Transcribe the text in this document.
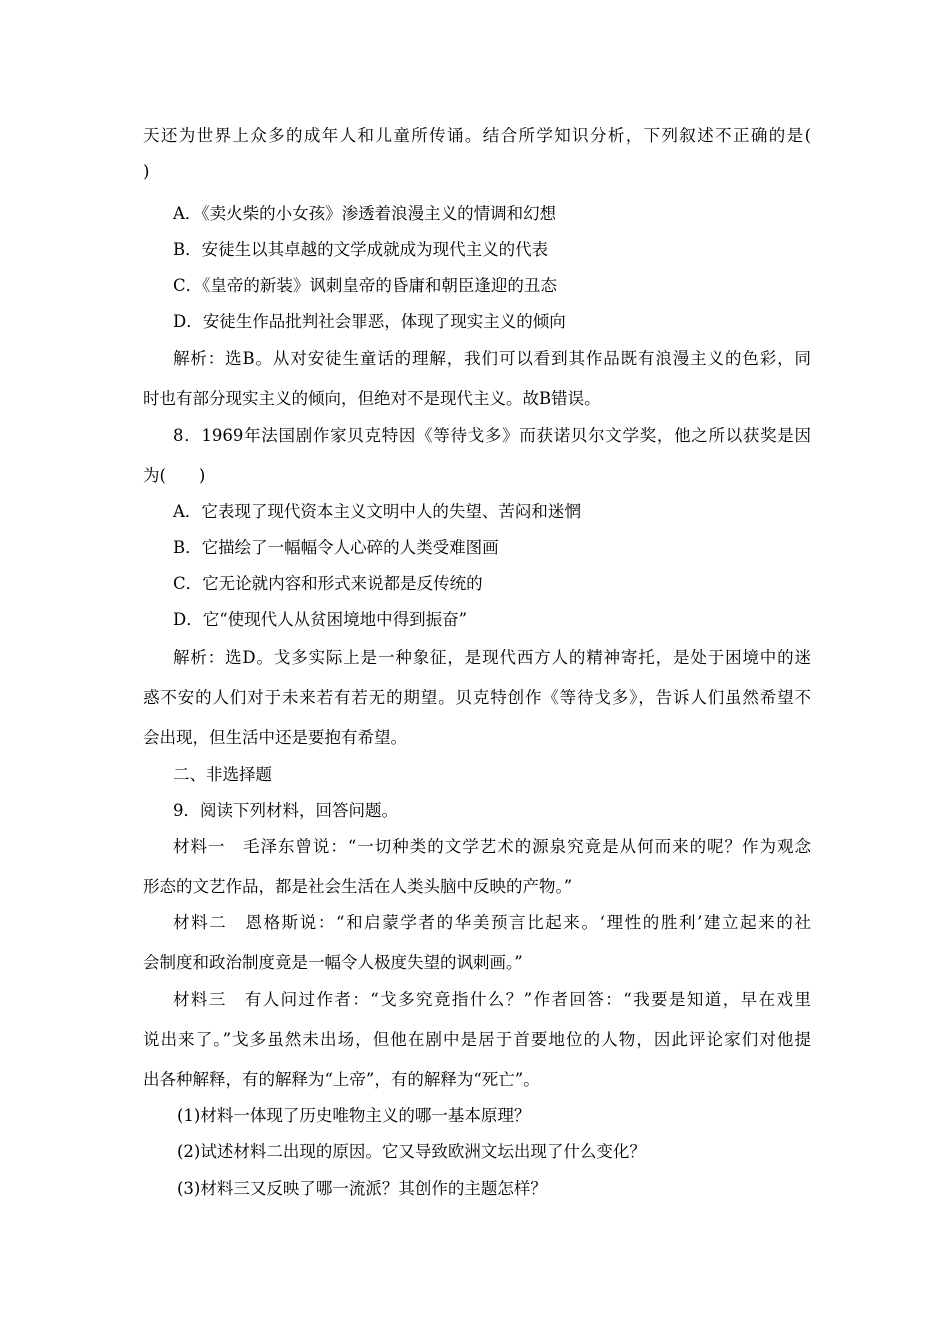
天还为世界上众多的成年人和儿童所传诵。结合所学知识分析，下列叙述不正确的是(
)
A．《卖火柴的小女孩》渗透着浪漫主义的情调和幻想
B．安徒生以其卓越的文学成就成为现代主义的代表
C．《皇帝的新装》讽刺皇帝的昏庸和朝臣逢迎的丑态
D．安徒生作品批判社会罪恶，体现了现实主义的倾向
解析：选B。从对安徒生童话的理解，我们可以看到其作品既有浪漫主义的色彩，同
时也有部分现实主义的倾向，但绝对不是现代主义。故B错误。
8．1969年法国剧作家贝克特因《等待戈多》而获诺贝尔文学奖，他之所以获奖是因
为(　　)
A．它表现了现代资本主义文明中人的失望、苦闷和迷惘
B．它描绘了一幅幅令人心碎的人类受难图画
C．它无论就内容和形式来说都是反传统的
D．它“使现代人从贫困境地中得到振奋”
解析：选D。戈多实际上是一种象征，是现代西方人的精神寄托，是处于困境中的迷
惑不安的人们对于未来若有若无的期望。贝克特创作《等待戈多》，告诉人们虽然希望不
会出现，但生活中还是要抱有希望。
二、非选择题
9．阅读下列材料，回答问题。
材料一　毛泽东曾说：“一切种类的文学艺术的源泉究竟是从何而来的呢？作为观念
形态的文艺作品，都是社会生活在人类头脑中反映的产物。”
材料二　恩格斯说：“和启蒙学者的华美预言比起来。‘理性的胜利’建立起来的社
会制度和政治制度竟是一幅令人极度失望的讽刺画。”
材料三　有人问过作者：“戈多究竟指什么？”作者回答：“我要是知道，早在戏里
说出来了。”戈多虽然未出场，但他在剧中是居于首要地位的人物，因此评论家们对他提
出各种解释，有的解释为“上帝”，有的解释为“死亡”。
(1)材料一体现了历史唯物主义的哪一基本原理？
(2)试述材料二出现的原因。它又导致欧洲文坛出现了什么变化？
(3)材料三又反映了哪一流派？其创作的主题怎样？
